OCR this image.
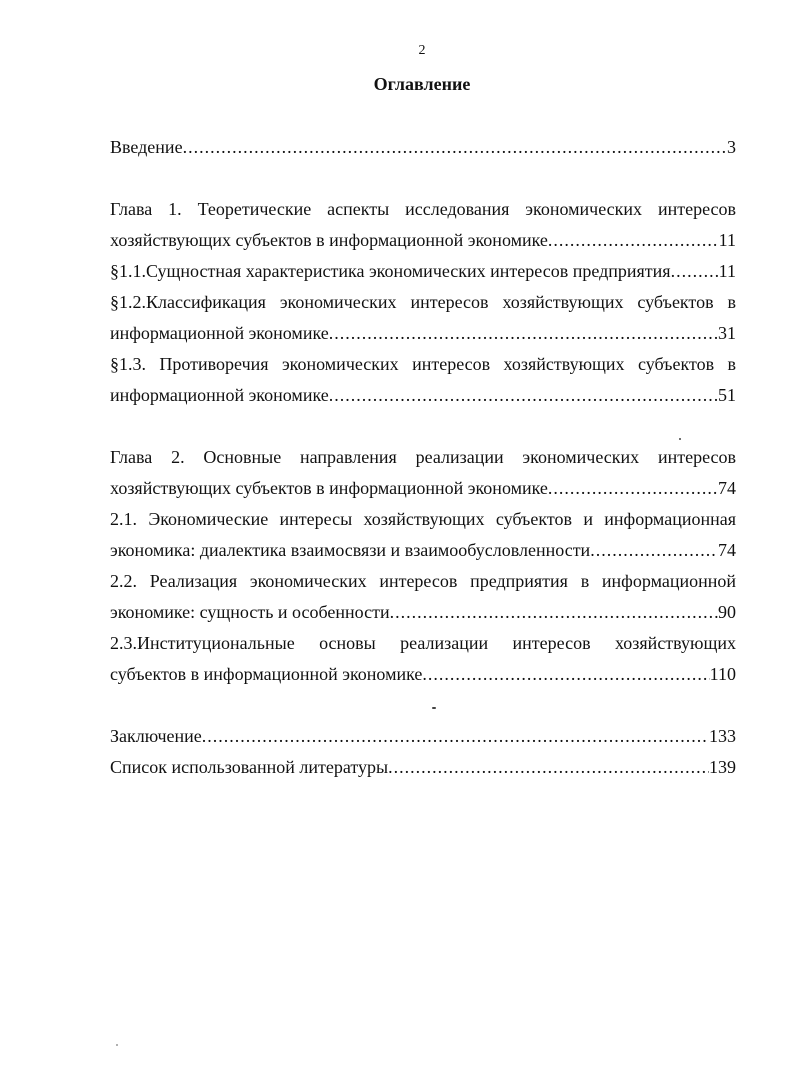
2
Оглавление
Введение .....	3
Глава 1. Теоретические аспекты исследования экономических интересов
хозяйствующих субъектов в информационной экономике .....	11
§1.1.Сущностная характеристика экономических интересов предприятия .....	11
§1.2.Классификация экономических интересов хозяйствующих субъектов в
информационной экономике .....	31
§1.3. Противоречия экономических интересов хозяйствующих субъектов в
информационной экономике .....	51
Глава 2. Основные направления реализации экономических интересов
хозяйствующих субъектов в информационной экономике .....	74
2.1. Экономические интересы хозяйствующих субъектов и информационная
экономика: диалектика взаимосвязи и взаимообусловленности .....	74
2.2. Реализация экономических интересов предприятия в информационной
экономике: сущность и особенности .....	90
2.3.Институциональные основы реализации интересов хозяйствующих
субъектов в информационной экономике .....	110
Заключение .....	133
Список использованной литературы .....	139
